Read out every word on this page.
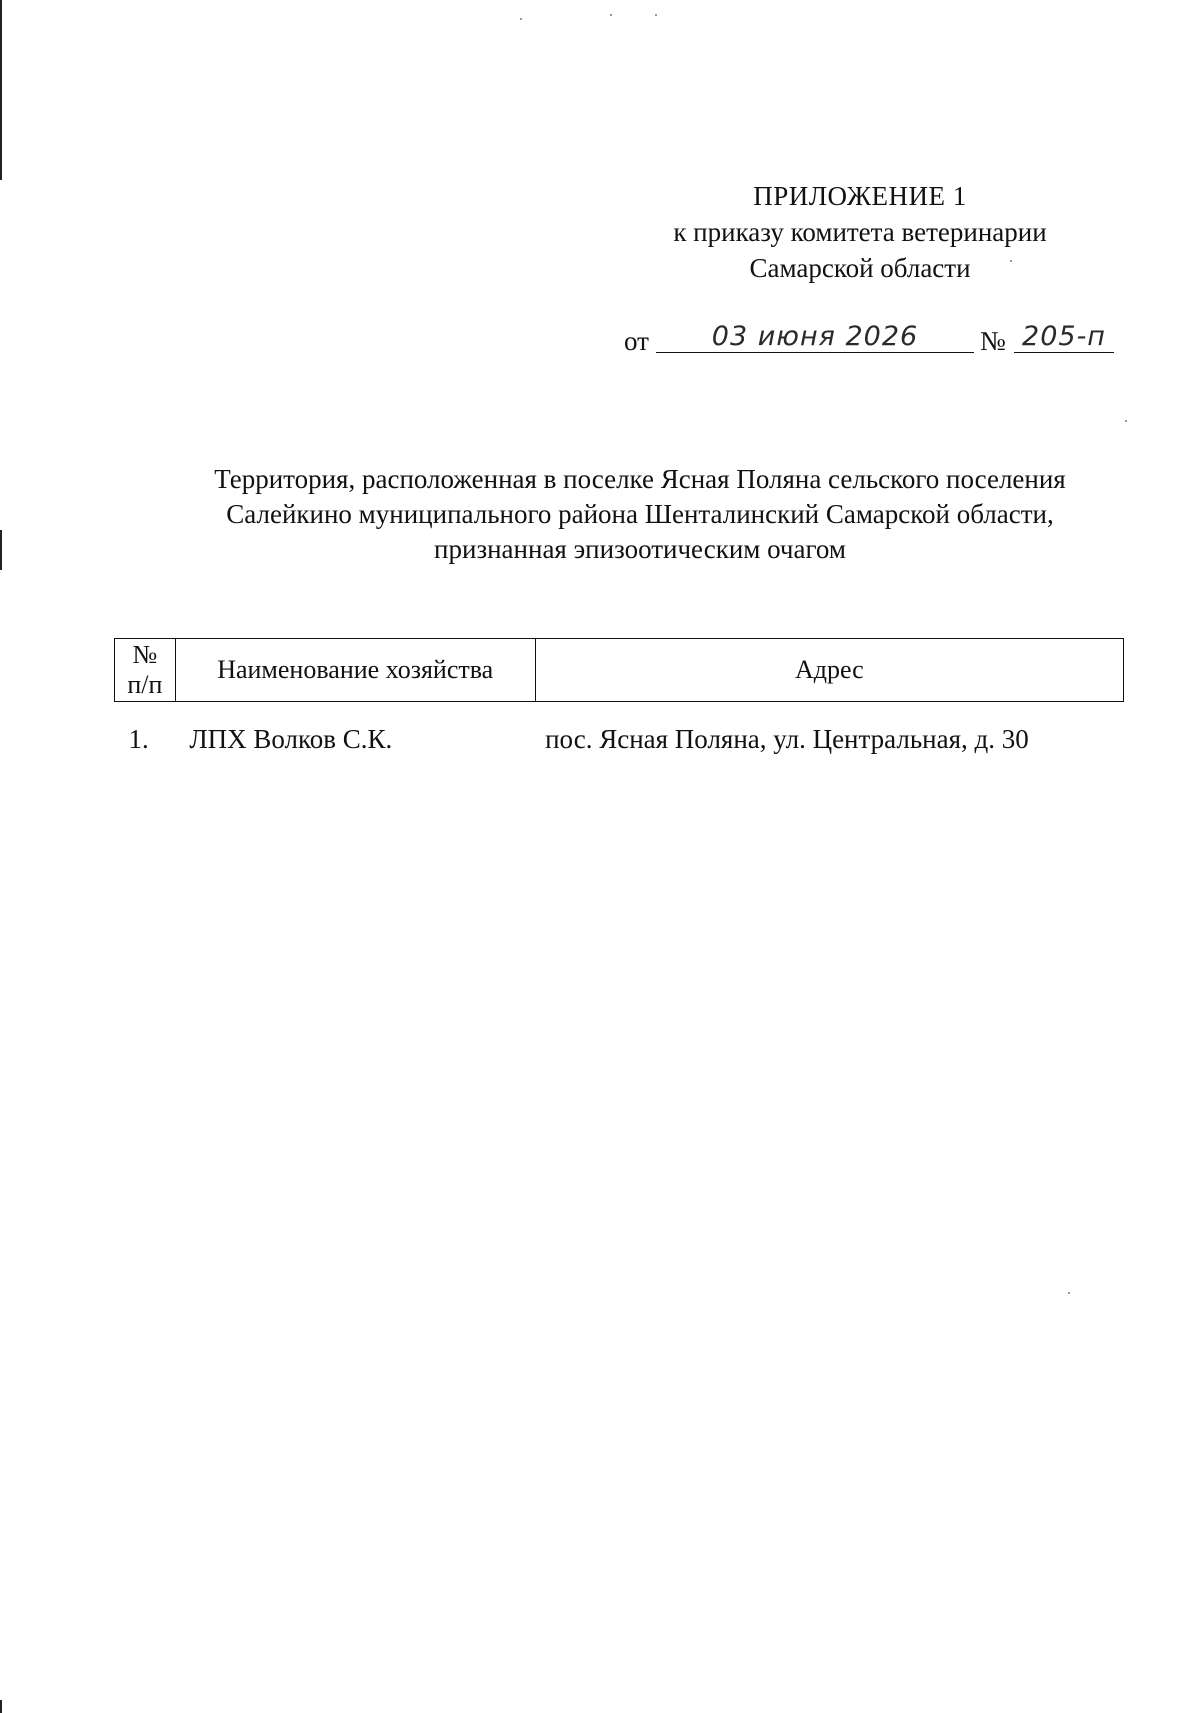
ПРИЛОЖЕНИЕ 1
к приказу комитета ветеринарии
Самарской области
от	03 июня 2026	№ 205-п
Территория, расположенная в поселке Ясная Поляна сельского поселения
Салейкино муниципального района Шенталинский Самарской области,
признанная эпизоотическим очагом
№
п/п	Наименование хозяйства	Адрес
1.	ЛПХ Волков С.К.	пос. Ясная Поляна, ул. Центральная, д. 30
